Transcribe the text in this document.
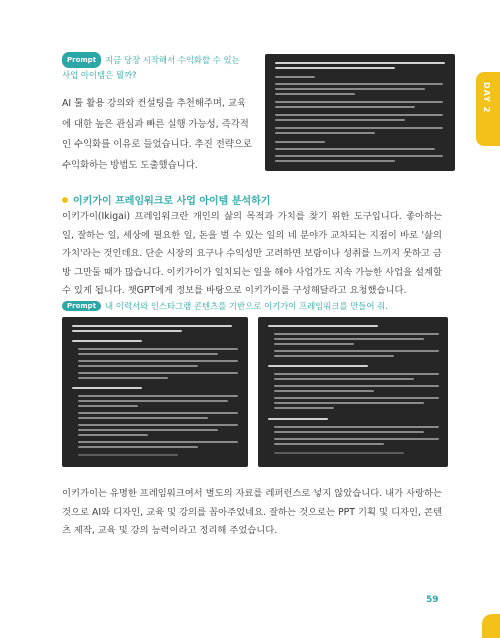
DAY 2
Prompt 지금 당장 시작해서 수익화할 수 있는 사업 아이템은 뭘까?

AI 툴 활용 강의와 컨설팅을 추천해주며, 교육에 대한 높은 관심과 빠른 실행 가능성, 즉각적인 수익화를 이유로 들었습니다. 추진 전략으로 수익화하는 방법도 도출했습니다.

이키가이 프레임워크로 사업 아이템 분석하기

이키가이(Ikigai) 프레임워크란 개인의 삶의 목적과 가치를 찾기 위한 도구입니다. 좋아하는 일, 잘하는 일, 세상에 필요한 일, 돈을 벌 수 있는 일의 네 분야가 교차되는 지점이 바로 '삶의 가치'라는 것인데요. 단순 시장의 요구나 수익성만 고려하면 보람이나 성취를 느끼지 못하고 금방 그만둘 때가 많습니다. 이키가이가 일치되는 일을 해야 사업가도 지속 가능한 사업을 설계할 수 있게 됩니다. 챗GPT에게 정보를 바탕으로 이키가이를 구성해달라고 요청했습니다.

Prompt 내 이력서와 인스타그램 콘텐츠를 기반으로 이키가이 프레임워크를 만들어 줘.

이키가이는 유명한 프레임워크여서 별도의 자료를 레퍼런스로 넣지 않았습니다. 내가 사랑하는 것으로 AI와 디자인, 교육 및 강의를 꼽아주었네요. 잘하는 것으로는 PPT 기획 및 디자인, 콘텐츠 제작, 교육 및 강의 능력이라고 정리해 주었습니다.

59
